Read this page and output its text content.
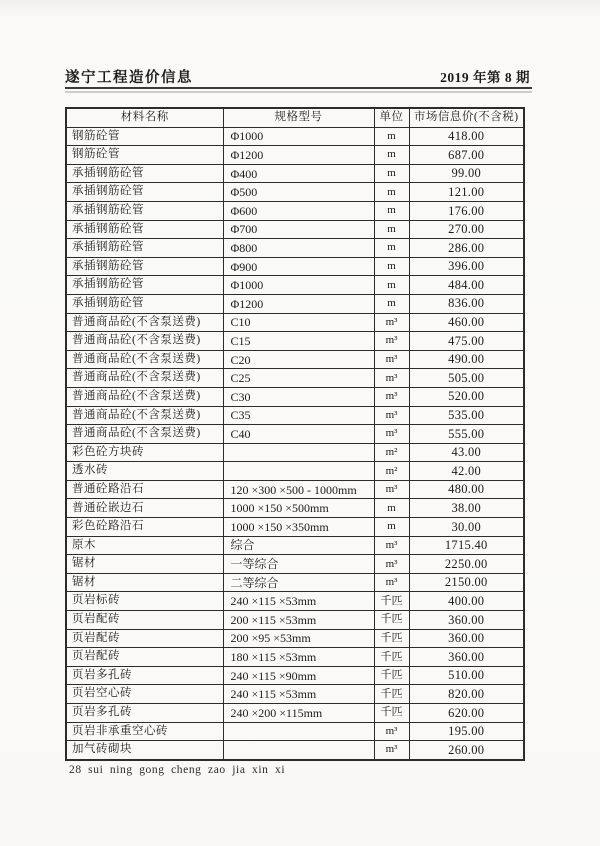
遂宁工程造价信息	2019 年第 8 期
材料名称	规格型号	单位	市场信息价(不含税)
钢筋砼管	Φ1000	m	418.00
钢筋砼管	Φ1200	m	687.00
承插钢筋砼管	Φ400	m	99.00
承插钢筋砼管	Φ500	m	121.00
承插钢筋砼管	Φ600	m	176.00
承插钢筋砼管	Φ700	m	270.00
承插钢筋砼管	Φ800	m	286.00
承插钢筋砼管	Φ900	m	396.00
承插钢筋砼管	Φ1000	m	484.00
承插钢筋砼管	Φ1200	m	836.00
普通商品砼(不含泵送费)	C10	m³	460.00
普通商品砼(不含泵送费)	C15	m³	475.00
普通商品砼(不含泵送费)	C20	m³	490.00
普通商品砼(不含泵送费)	C25	m³	505.00
普通商品砼(不含泵送费)	C30	m³	520.00
普通商品砼(不含泵送费)	C35	m³	535.00
普通商品砼(不含泵送费)	C40	m³	555.00
彩色砼方块砖		m²	43.00
透水砖		m²	42.00
普通砼路沿石	120 ×300 ×500 - 1000mm	m³	480.00
普通砼嵌边石	1000 ×150 ×500mm	m	38.00
彩色砼路沿石	1000 ×150 ×350mm	m	30.00
原木	综合	m³	1715.40
锯材	一等综合	m³	2250.00
锯材	二等综合	m³	2150.00
页岩标砖	240 ×115 ×53mm	千匹	400.00
页岩配砖	200 ×115 ×53mm	千匹	360.00
页岩配砖	200 ×95 ×53mm	千匹	360.00
页岩配砖	180 ×115 ×53mm	千匹	360.00
页岩多孔砖	240 ×115 ×90mm	千匹	510.00
页岩空心砖	240 ×115 ×53mm	千匹	820.00
页岩多孔砖	240 ×200 ×115mm	千匹	620.00
页岩非承重空心砖		m³	195.00
加气砖砌块		m³	260.00
28 sui ning gong cheng zao jia xin xi
